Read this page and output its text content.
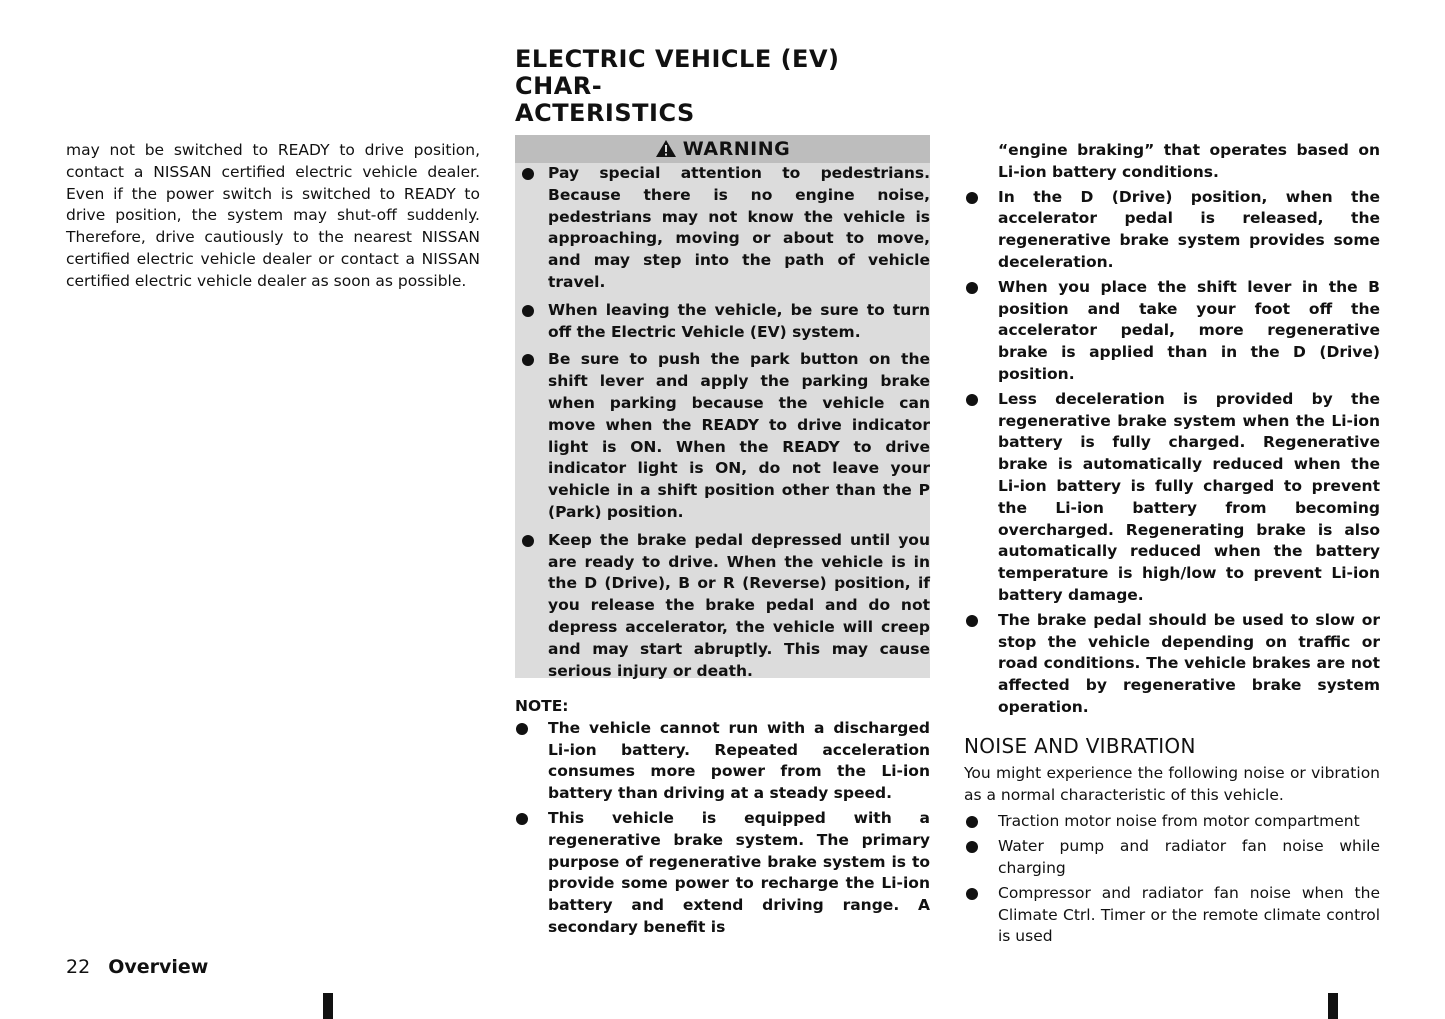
ELECTRIC VEHICLE (EV) CHAR-
ACTERISTICS

may not be switched to READY to drive position, contact a NISSAN certified electric vehicle dealer. Even if the power switch is switched to READY to drive position, the system may shut-off suddenly. Therefore, drive cautiously to the nearest NISSAN certified electric vehicle dealer or contact a NISSAN certified electric vehicle dealer as soon as possible.

WARNING
Pay special attention to pedestrians. Because there is no engine noise, pedestrians may not know the vehicle is approaching, moving or about to move, and may step into the path of vehicle travel.
When leaving the vehicle, be sure to turn off the Electric Vehicle (EV) system.
Be sure to push the park button on the shift lever and apply the parking brake when parking because the vehicle can move when the READY to drive indicator light is ON. When the READY to drive indicator light is ON, do not leave your vehicle in a shift position other than the P (Park) position.
Keep the brake pedal depressed until you are ready to drive. When the vehicle is in the D (Drive), B or R (Reverse) position, if you release the brake pedal and do not depress accelerator, the vehicle will creep and may start abruptly. This may cause serious injury or death.

NOTE:

The vehicle cannot run with a discharged Li-ion battery. Repeated acceleration consumes more power from the Li-ion battery than driving at a steady speed.
This vehicle is equipped with a regenerative brake system. The primary purpose of regenerative brake system is to provide some power to recharge the Li-ion battery and extend driving range. A secondary benefit is

“engine braking” that operates based on Li-ion battery conditions.

In the D (Drive) position, when the accelerator pedal is released, the regenerative brake system provides some deceleration.
When you place the shift lever in the B position and take your foot off the accelerator pedal, more regenerative brake is applied than in the D (Drive) position.
Less deceleration is provided by the regenerative brake system when the Li-ion battery is fully charged. Regenerative brake is automatically reduced when the Li-ion battery is fully charged to prevent the Li-ion battery from becoming overcharged. Regenerating brake is also automatically reduced when the battery temperature is high/low to prevent Li-ion battery damage.
The brake pedal should be used to slow or stop the vehicle depending on traffic or road conditions. The vehicle brakes are not affected by regenerative brake system operation.
NOISE AND VIBRATION

You might experience the following noise or vibration as a normal characteristic of this vehicle.

Traction motor noise from motor compartment
Water pump and radiator fan noise while charging
Compressor and radiator fan noise when the Climate Ctrl. Timer or the remote climate control is used
22 Overview
